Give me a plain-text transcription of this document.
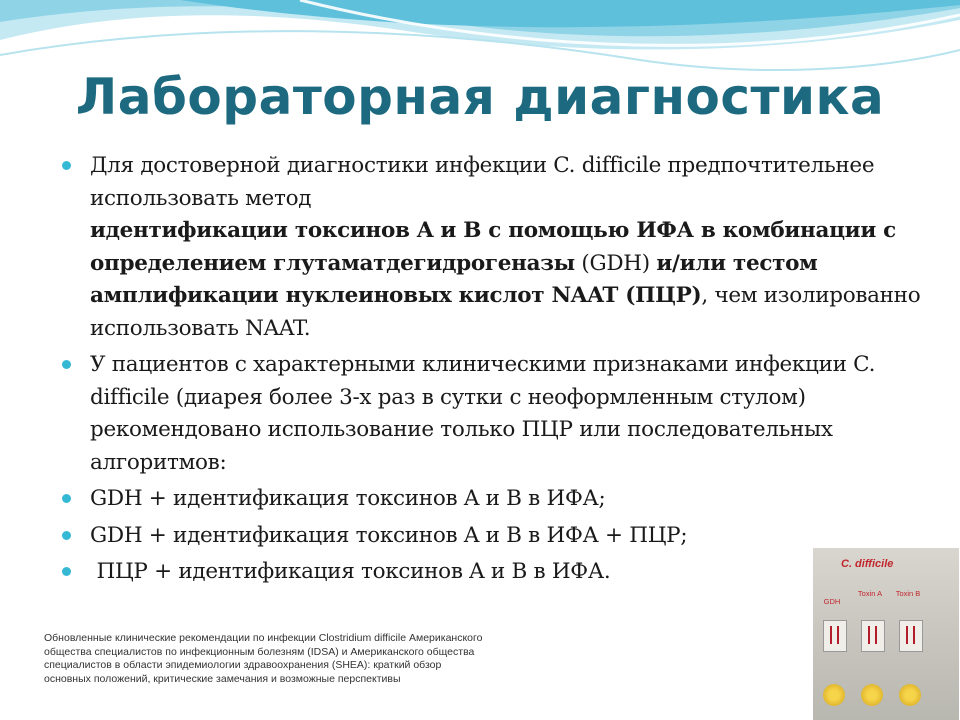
Лабораторная диагностика
Для достоверной диагностики инфекции C. difficile предпочтительнее использовать метод
идентификации токсинов A и B с помощью ИФА в комбинации с определением глутаматдегидрогеназы (GDH) и/или тестом амплификации нуклеиновых кислот NAAT (ПЦР), чем изолированно использовать NAAT.
У пациентов с характерными клиническими признаками инфекции C. difficile (диарея более 3-х раз в сутки с неоформленным стулом) рекомендовано использование только ПЦР или последовательных алгоритмов:
GDH + идентификация токсинов A и B в ИФА;
GDH + идентификация токсинов A и B в ИФА + ПЦР;
ПЦР + идентификация токсинов A и B в ИФА.
Обновленные клинические рекомендации по инфекции Clostridium difficile Американского общества специалистов по инфекционным болезням (IDSA) и Американского общества специалистов в области эпидемиологии здравоохранения (SHEA): краткий обзор основных положений, критические замечания и возможные перспективы
C. difficile
GDH
Toxin A Toxin B
